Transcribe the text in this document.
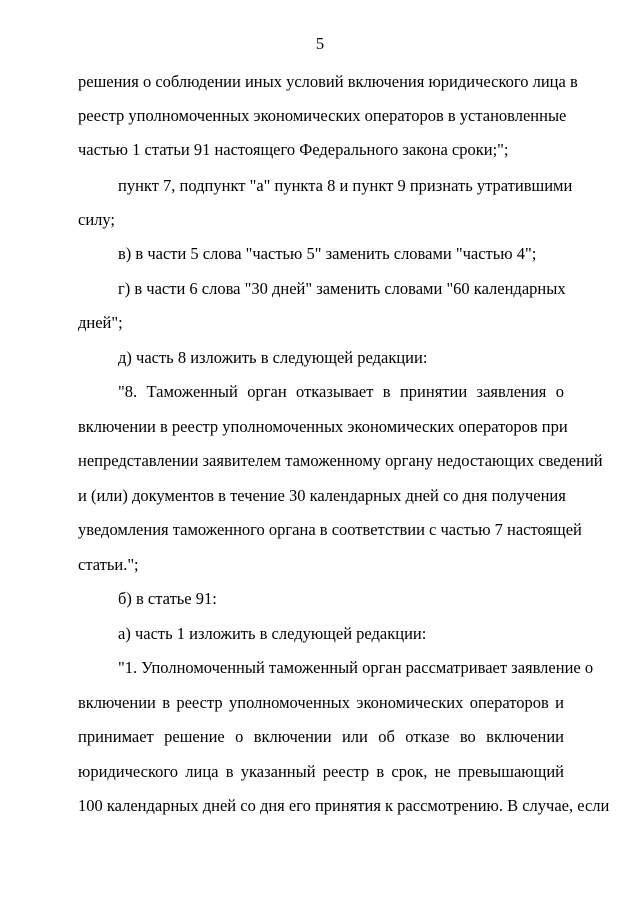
5
решения о соблюдении иных условий включения юридического лица в
реестр уполномоченных экономических операторов в установленные
частью 1 статьи 91 настоящего Федерального закона сроки;";
пункт 7, подпункт "а" пункта 8 и пункт 9 признать утратившими
силу;
в) в части 5 слова "частью 5" заменить словами "частью 4";
г) в части 6 слова "30 дней" заменить словами "60 календарных
дней";
д) часть 8 изложить в следующей редакции:
"8. Таможенный орган отказывает в принятии заявления о
включении в реестр уполномоченных экономических операторов при
непредставлении заявителем таможенному органу недостающих сведений
и (или) документов в течение 30 календарных дней со дня получения
уведомления таможенного органа в соответствии с частью 7 настоящей
статьи.";
б) в статье 91:
а) часть 1 изложить в следующей редакции:
"1. Уполномоченный таможенный орган рассматривает заявление о
включении в реестр уполномоченных экономических операторов и
принимает решение о включении или об отказе во включении
юридического лица в указанный реестр в срок, не превышающий
100 календарных дней со дня его принятия к рассмотрению. В случае, если
